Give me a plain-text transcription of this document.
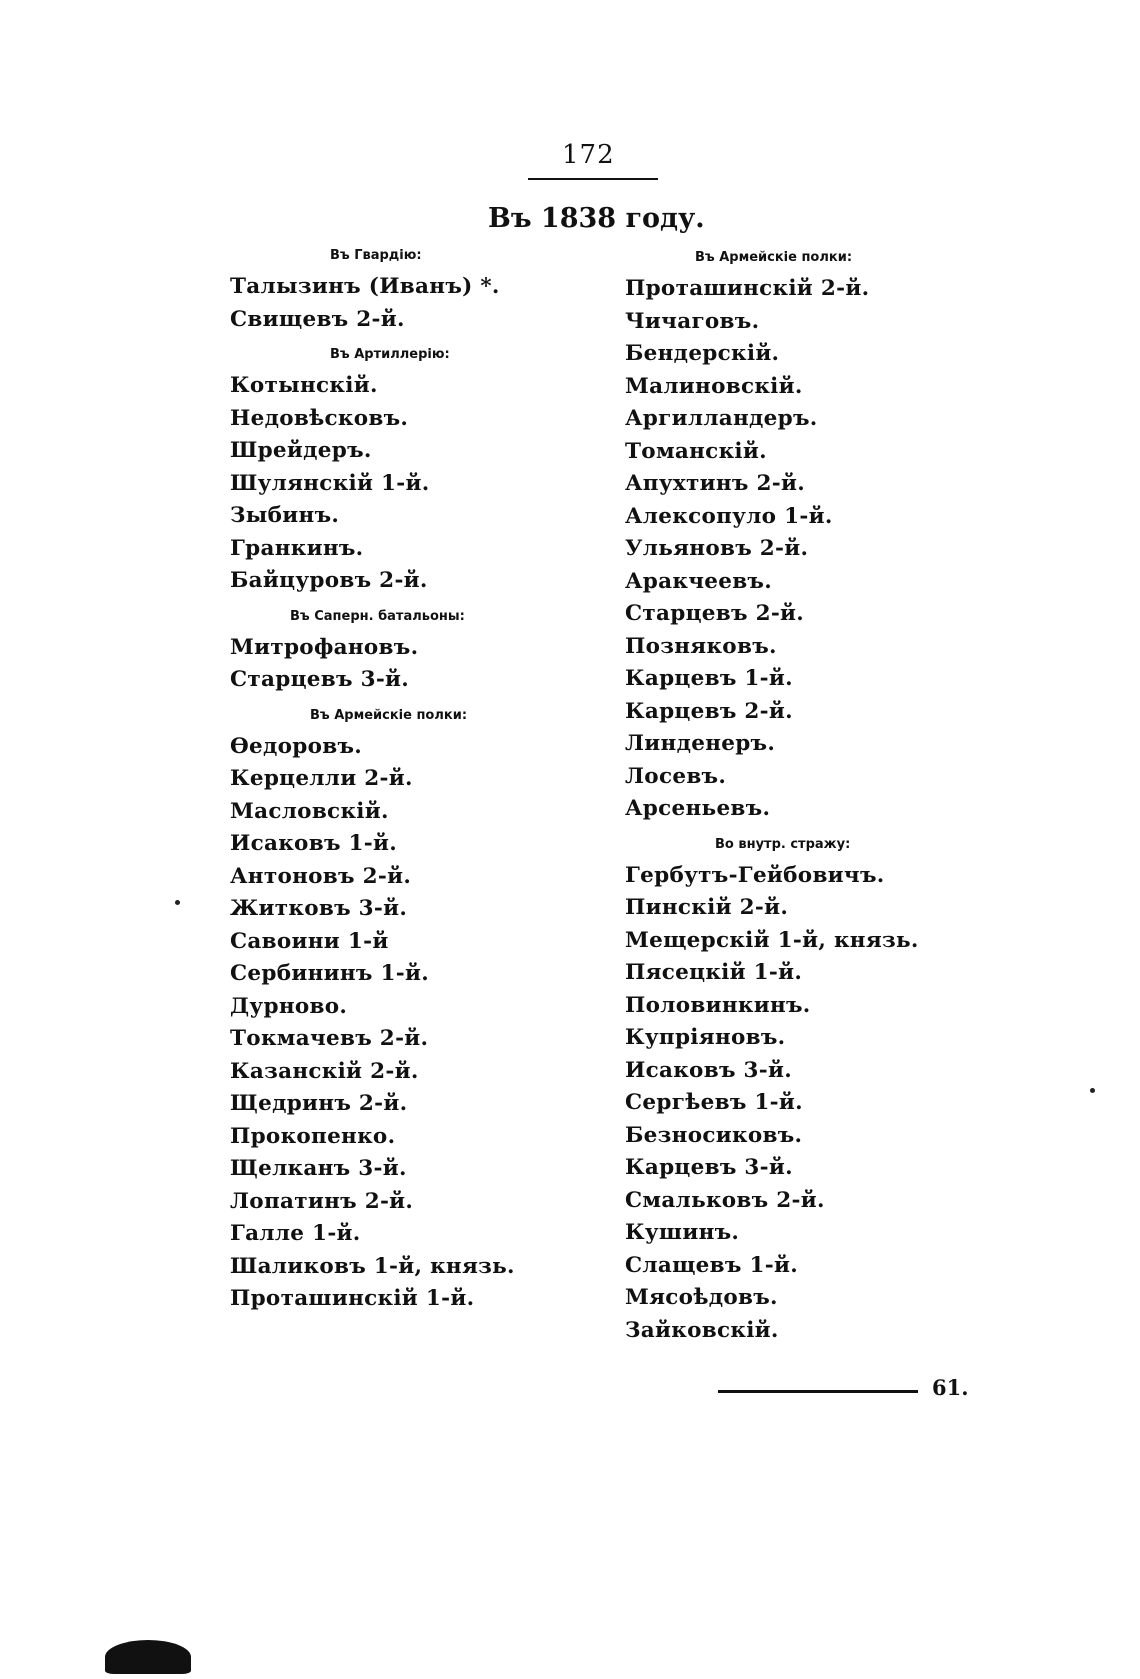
172
Въ 1838 году.
Въ Гвардію:
Талызинъ (Иванъ) *.
Свищевъ 2-й.
Въ Артиллерію:
Котынскій.
Недовѣсковъ.
Шрейдеръ.
Шулянскій 1-й.
Зыбинъ.
Гранкинъ.
Байцуровъ 2-й.
Въ Саперн. батальоны:
Митрофановъ.
Старцевъ 3-й.
Въ Армейскіе полки:
Ѳедоровъ.
Керцелли 2-й.
Масловскій.
Исаковъ 1-й.
Антоновъ 2-й.
Житковъ 3-й.
Савоини 1-й
Сербининъ 1-й.
Дурново.
Токмачевъ 2-й.
Казанскій 2-й.
Щедринъ 2-й.
Прокопенко.
Щелканъ 3-й.
Лопатинъ 2-й.
Галле 1-й.
Шаликовъ 1-й, князь.
Проташинскій 1-й.
Въ Армейскіе полки:
Проташинскій 2-й.
Чичаговъ.
Бендерскій.
Малиновскій.
Аргилландеръ.
Томанскій.
Апухтинъ 2-й.
Алексопуло 1-й.
Ульяновъ 2-й.
Аракчеевъ.
Старцевъ 2-й.
Позняковъ.
Карцевъ 1-й.
Карцевъ 2-й.
Линденеръ.
Лосевъ.
Арсеньевъ.
Во внутр. стражу:
Гербутъ-Гейбовичъ.
Пинскій 2-й.
Мещерскій 1-й, князь.
Пясецкій 1-й.
Половинкинъ.
Купріяновъ.
Исаковъ 3-й.
Сергѣевъ 1-й.
Безносиковъ.
Карцевъ 3-й.
Смальковъ 2-й.
Кушинъ.
Слащевъ 1-й.
Мясоѣдовъ.
Зайковскій.
61.
